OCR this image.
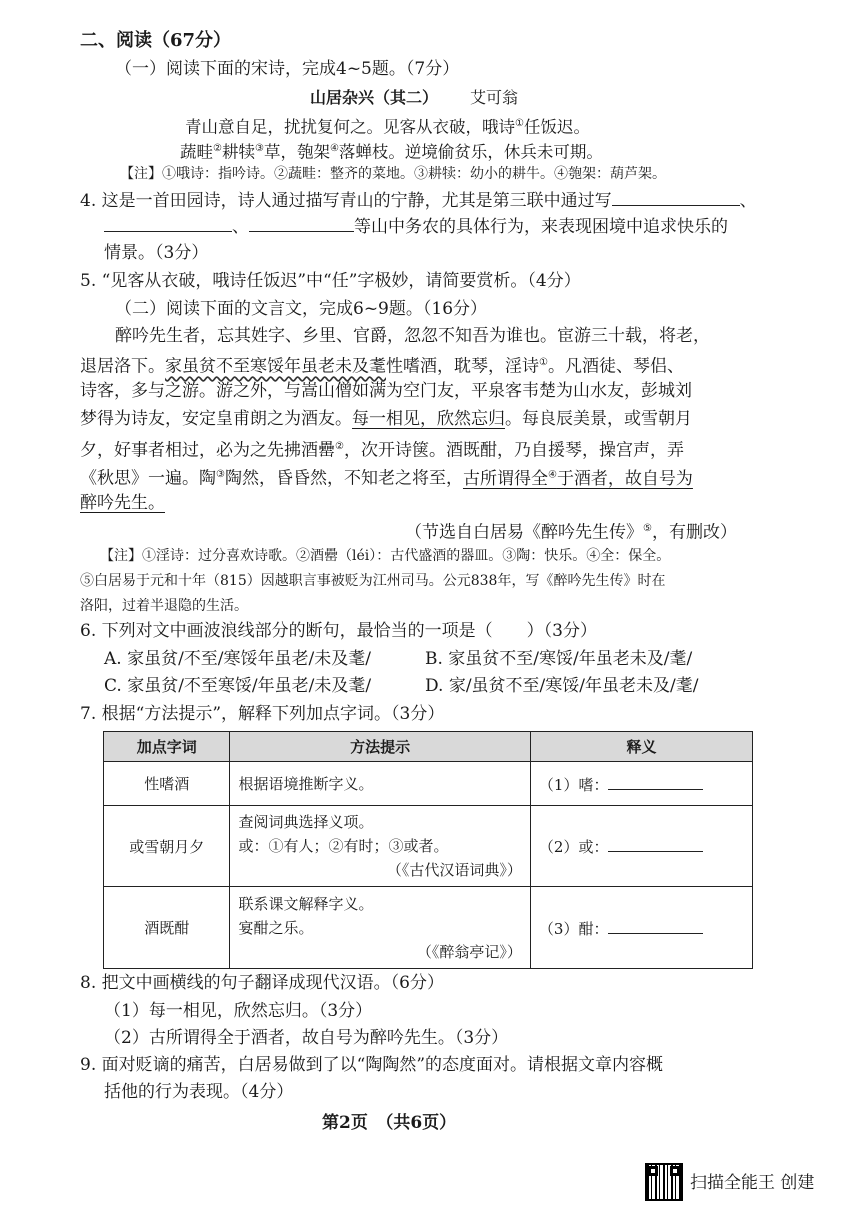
二、阅读（67分）
（一）阅读下面的宋诗，完成4~5题。（7分）
山居杂兴（其二） 艾可翁
青山意自足，扰扰复何之。见客从衣破，哦诗①任饭迟。
蔬畦②耕犊③草，匏架④落蝉枝。逆境偷贫乐，休兵未可期。
【注】①哦诗：指吟诗。②蔬畦：整齐的菜地。③耕犊：幼小的耕牛。④匏架：葫芦架。
4. 这是一首田园诗，诗人通过描写青山的宁静，尤其是第三联中通过写	、
、	等山中务农的具体行为，来表现困境中追求快乐的
情景。（3分）
5. “见客从衣破，哦诗任饭迟”中“任”字极妙，请简要赏析。（4分）
（二）阅读下面的文言文，完成6~9题。（16分）
醉吟先生者，忘其姓字、乡里、官爵，忽忽不知吾为谁也。宦游三十载，将老，
退居洛下。家虽贫不至寒馁年虽老未及耄性嗜酒，耽琴，淫诗①。凡酒徒、琴侣、
诗客，多与之游。游之外，与嵩山僧如满为空门友，平泉客韦楚为山水友，彭城刘
梦得为诗友，安定皇甫朗之为酒友。每一相见，欣然忘归。每良辰美景，或雪朝月
夕，好事者相过，必为之先拂酒罍②，次开诗箧。酒既酣，乃自援琴，操宫声，弄
《秋思》一遍。陶③陶然，昏昏然，不知老之将至，古所谓得全④于酒者，故自号为
醉吟先生。
（节选自白居易《醉吟先生传》⑤，有删改）
【注】①淫诗：过分喜欢诗歌。②酒罍（léi）：古代盛酒的器皿。③陶：快乐。④全：保全。
⑤白居易于元和十年（815）因越职言事被贬为江州司马。公元838年，写《醉吟先生传》时在
洛阳，过着半退隐的生活。
6. 下列对文中画波浪线部分的断句，最恰当的一项是（　　）（3分）
A. 家虽贫/不至/寒馁年虽老/未及耄/	B. 家虽贫不至/寒馁/年虽老未及/耄/
C. 家虽贫/不至寒馁/年虽老/未及耄/	D. 家/虽贫不至/寒馁/年虽老未及/耄/
7. 根据“方法提示”，解释下列加点字词。（3分）
加点字词	方法提示	释义
性嗜酒	根据语境推断字义。	（1）嗜：
或雪朝月夕	查阅词典选择义项。
或：①有人；②有时；③或者。
（《古代汉语词典》）	（2）或：
酒既酣	联系课文解释字义。
宴酣之乐。
（《醉翁亭记》）	（3）酣：
8. 把文中画横线的句子翻译成现代汉语。（6分）
（1）每一相见，欣然忘归。（3分）
（2）古所谓得全于酒者，故自号为醉吟先生。（3分）
9. 面对贬谪的痛苦，白居易做到了以“陶陶然”的态度面对。请根据文章内容概
括他的行为表现。（4分）
第2页　（共6页）
扫描全能王 创建
